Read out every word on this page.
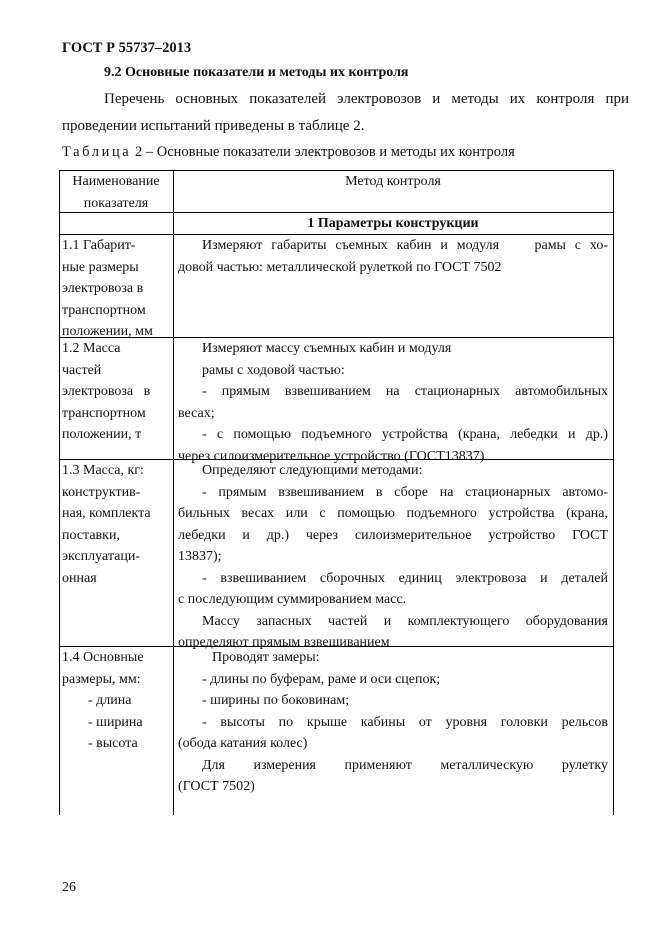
ГОСТ Р 55737–2013
9.2 Основные показатели и методы их контроля
Перечень основных показателей электровозов и методы их контроля при
проведении испытаний приведены в таблице 2.
Таблица 2 – Основные показатели электровозов и методы их контроля
Наименование
показателя
Метод контроля
1 Параметры конструкции
1.1 Габарит-
ные размеры
электровоза в
транспортном
положении, мм
Измеряют габариты съемных кабин и модуля    рамы с хо-
довой частью: металлической рулеткой по ГОСТ 7502
1.2 Масса
частей
электровоза   в
транспортном
положении, т
Измеряют массу съемных кабин и модуля
рамы с ходовой частью:
- прямым взвешиванием на стационарных автомобильных
весах;
- с помощью подъемного устройства (крана, лебедки и др.)
через силоизмерительное устройство (ГОСТ13837)
1.3 Масса, кг:
конструктив-
ная, комплекта
поставки,
эксплуатаци-
онная
Определяют следующими методами:
- прямым взвешиванием в сборе на стационарных автомо-
бильных весах или с помощью подъемного устройства (крана,
лебедки и др.) через силоизмерительное устройство ГОСТ
13837);
- взвешиванием сборочных единиц электровоза и деталей
с последующим суммированием масс.
Массу запасных частей и комплектующего оборудования
определяют прямым взвешиванием
1.4 Основные
размеры, мм:
- длина
- ширина
- высота
Проводят замеры:
- длины по буферам, раме и оси сцепок;
- ширины по боковинам;
- высоты по крыше кабины от уровня головки рельсов
(обода катания колес)
Для измерения применяют металлическую рулетку
(ГОСТ 7502)
26
